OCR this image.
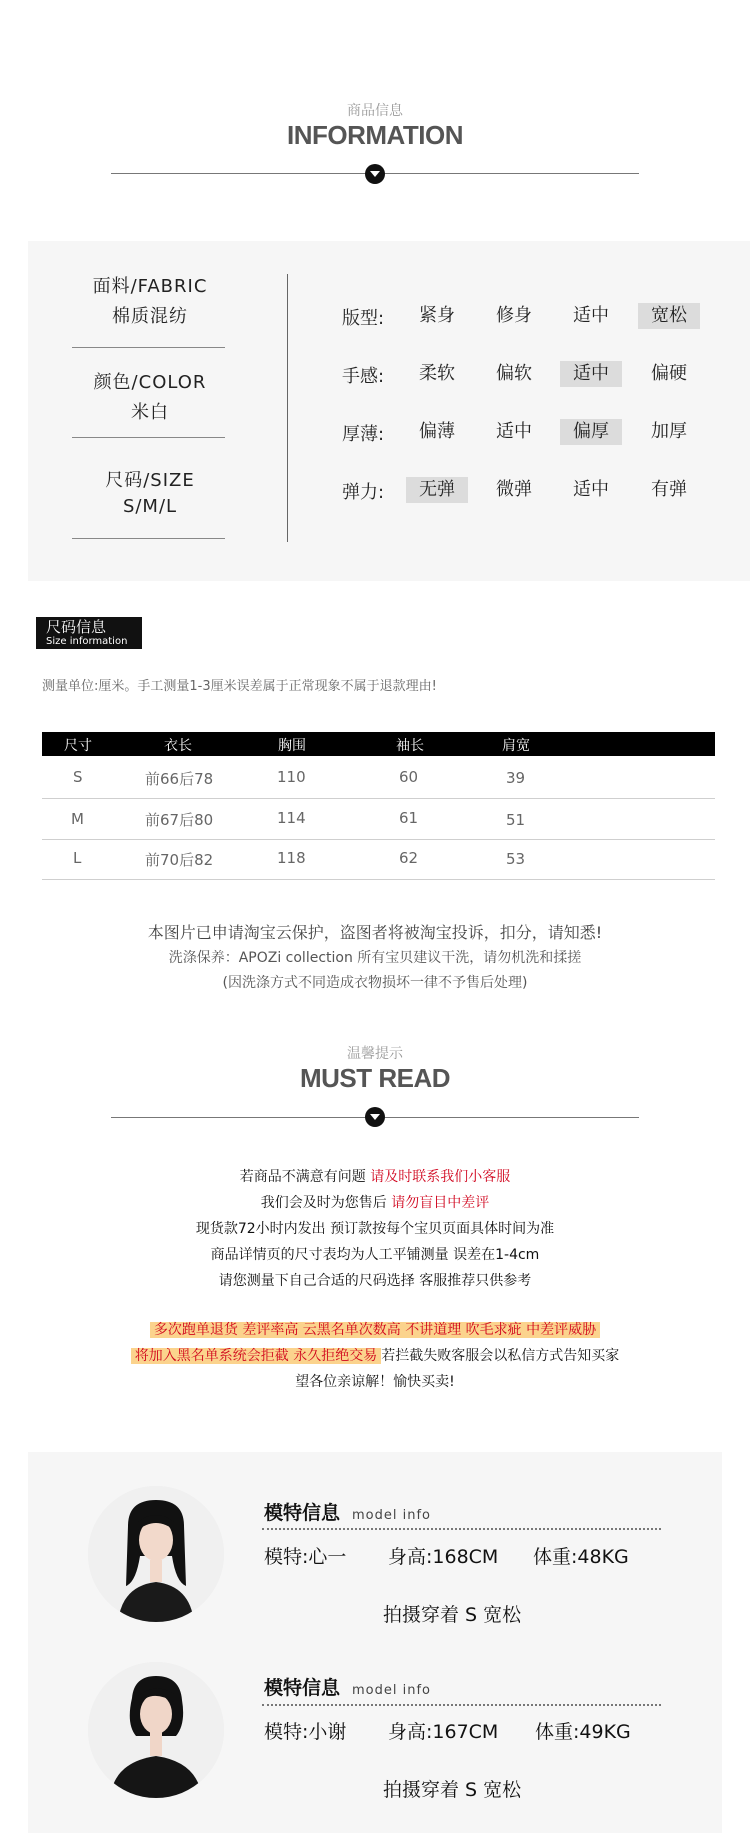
商品信息
INFORMATION
面料/FABRIC
棉质混纺
颜色/COLOR
米白
尺码/SIZE
S/M/L
版型:	紧身	修身	适中	宽松
手感:	柔软	偏软	适中	偏硬
厚薄:	偏薄	适中	偏厚	加厚
弹力:	无弹	微弹	适中	有弹
尺码信息
Size information
测量单位:厘米。手工测量1-3厘米误差属于正常现象不属于退款理由!
尺寸	衣长	胸围	袖长	肩宽
S	前66后78	110	60	39
M	前67后80	114	61	51
L	前70后82	118	62	53
本图片已申请淘宝云保护，盗图者将被淘宝投诉，扣分，请知悉!
洗涤保养：APOZi collection 所有宝贝建议干洗，请勿机洗和揉搓
(因洗涤方式不同造成衣物损坏一律不予售后处理)
温馨提示
MUST READ
若商品不满意有问题 请及时联系我们小客服
我们会及时为您售后 请勿盲目中差评
现货款72小时内发出 预订款按每个宝贝页面具体时间为准
商品详情页的尺寸表均为人工平铺测量 误差在1-4cm
请您测量下自己合适的尺码选择 客服推荐只供参考
多次跑单退货 差评率高 云黑名单次数高 不讲道理 吹毛求疵 中差评威胁
将加入黑名单系统会拒截 永久拒绝交易 若拦截失败客服会以私信方式告知买家
望各位亲谅解！愉快买卖!
模特信息 model info
模特:心一 身高:168CM 体重:48KG
拍摄穿着 S 宽松
模特信息 model info
模特:小谢 身高:167CM 体重:49KG
拍摄穿着 S 宽松
